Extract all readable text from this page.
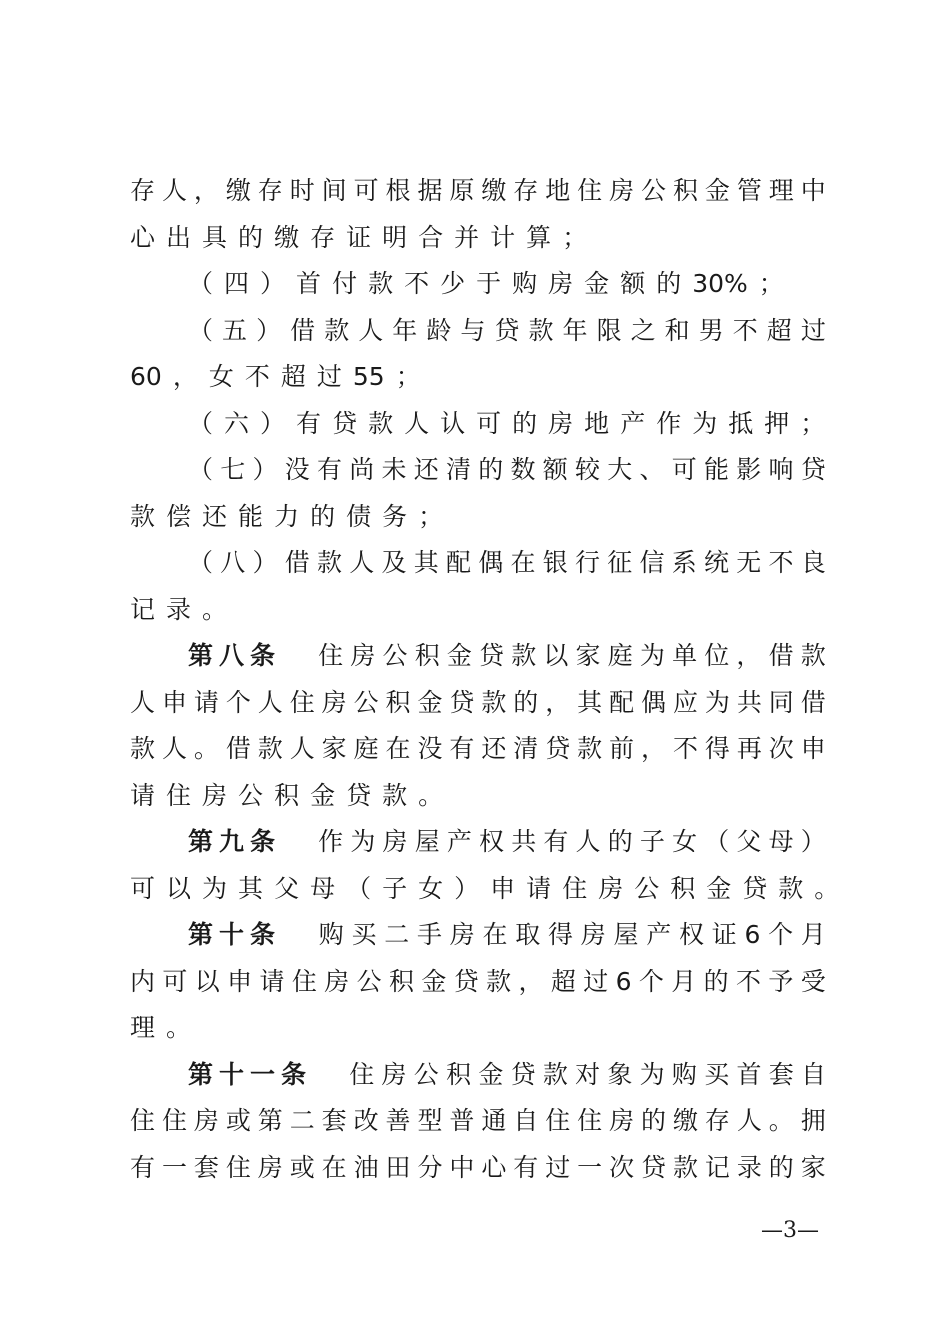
存 人 ， 缴 存 时 间 可 根 据 原 缴 存 地 住 房 公 积 金 管 理 中
心 出 具 的 缴 存 证 明 合 并 计 算 ；
（ 四 ） 首 付 款 不 少 于 购 房 金 额 的 30% ；
（ 五 ） 借 款 人 年 龄 与 贷 款 年 限 之 和 男 不 超 过
60 ， 女 不 超 过 55 ；
（ 六 ） 有 贷 款 人 认 可 的 房 地 产 作 为 抵 押 ；
（ 七 ） 没 有 尚 未 还 清 的 数 额 较 大 、 可 能 影 响 贷
款 偿 还 能 力 的 债 务 ；
（ 八 ） 借 款 人 及 其 配 偶 在 银 行 征 信 系 统 无 不 良
记 录 。
第八条 住 房 公 积 金 贷 款 以 家 庭 为 单 位 ， 借 款
人 申 请 个 人 住 房 公 积 金 贷 款 的 ， 其 配 偶 应 为 共 同 借
款 人 。 借 款 人 家 庭 在 没 有 还 清 贷 款 前 ， 不 得 再 次 申
请 住 房 公 积 金 贷 款 。
第九条 作 为 房 屋 产 权 共 有 人 的 子 女 （ 父 母 ）
可 以 为 其 父 母 （ 子 女 ） 申 请 住 房 公 积 金 贷 款 。
第十条 购 买 二 手 房 在 取 得 房 屋 产 权 证 6 个 月
内 可 以 申 请 住 房 公 积 金 贷 款 ， 超 过 6 个 月 的 不 予 受
理 。
第十一条 住 房 公 积 金 贷 款 对 象 为 购 买 首 套 自
住 住 房 或 第 二 套 改 善 型 普 通 自 住 住 房 的 缴 存 人 。 拥
有 一 套 住 房 或 在 油 田 分 中 心 有 过 一 次 贷 款 记 录 的 家
—3—
